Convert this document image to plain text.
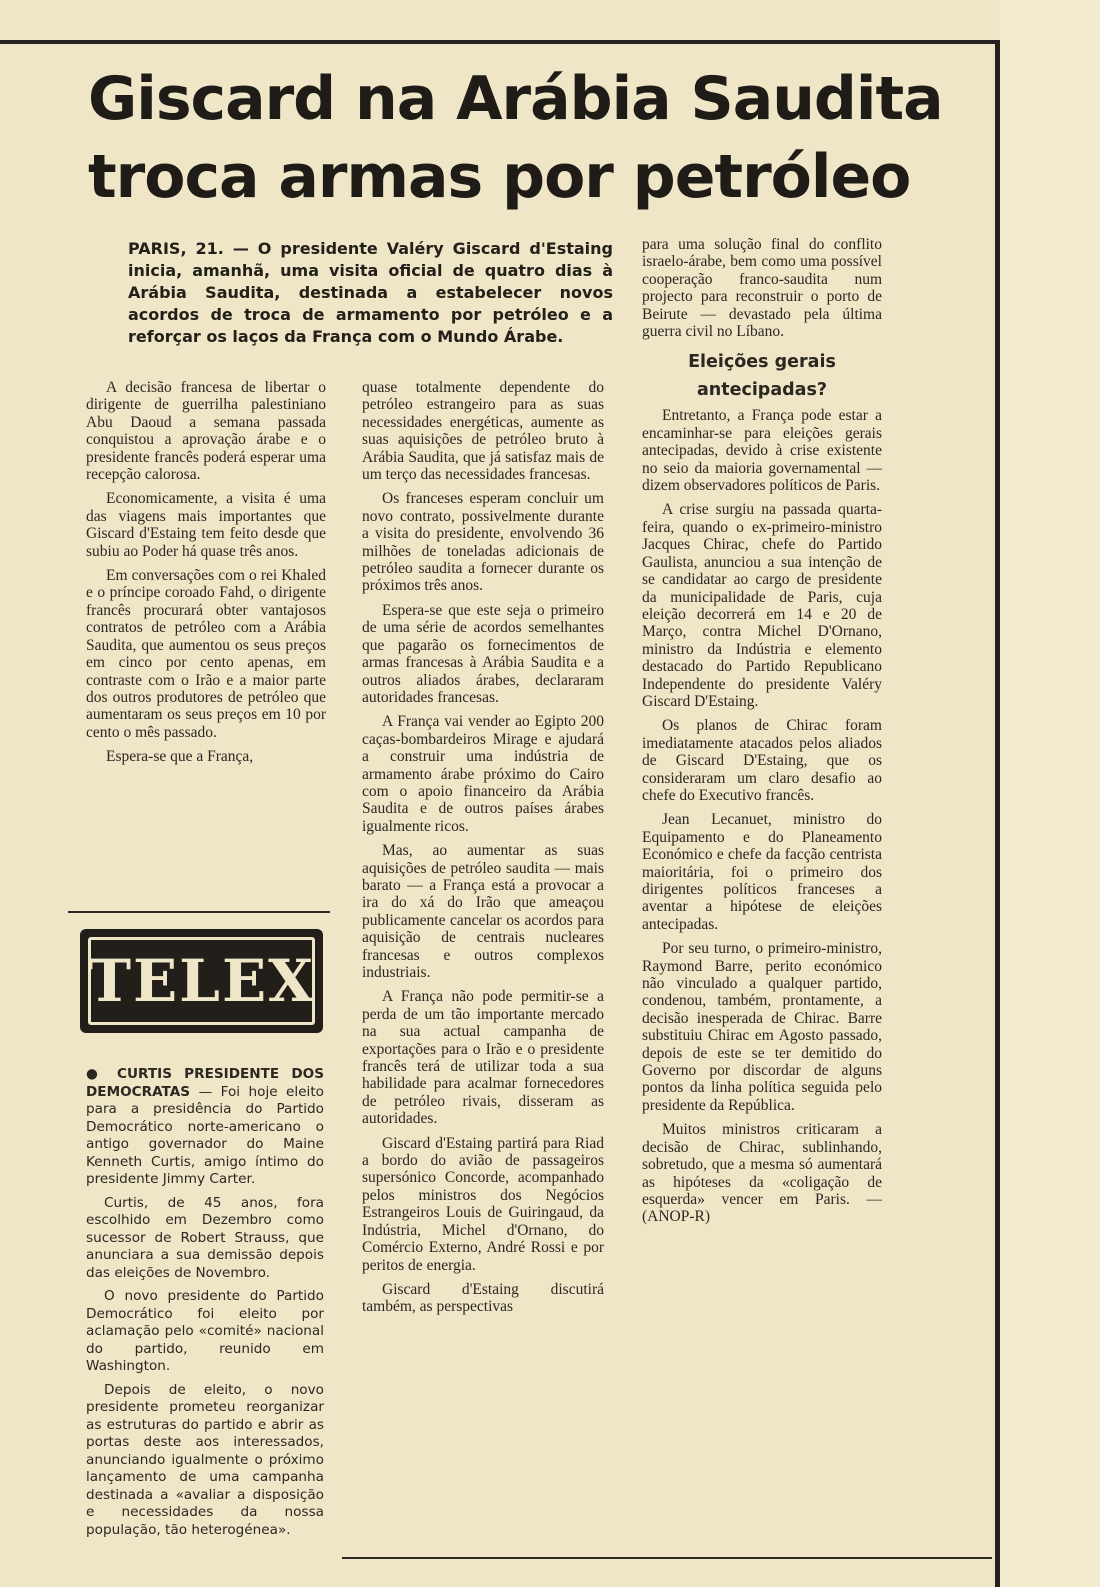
Giscard na Arábia Saudita
troca armas por petróleo

PARIS, 21. — O presidente Valéry Giscard d'Estaing inicia, amanhã, uma visita oficial de quatro dias à Arábia Saudita, destinada a estabelecer novos acordos de troca de armamento por petróleo e a reforçar os laços da França com o Mundo Árabe.

A decisão francesa de libertar o dirigente de guerrilha palestiniano Abu Daoud a semana passada conquistou a aprovação árabe e o presidente francês poderá esperar uma recepção calorosa.

Economicamente, a visita é uma das viagens mais importantes que Giscard d'Estaing tem feito desde que subiu ao Poder há quase três anos.

Em conversações com o rei Khaled e o príncipe coroado Fahd, o dirigente francês procurará obter vantajosos contratos de petróleo com a Arábia Saudita, que aumentou os seus preços em cinco por cento apenas, em contraste com o Irão e a maior parte dos outros produtores de petróleo que aumentaram os seus preços em 10 por cento o mês passado.

Espera-se que a França,

quase totalmente dependente do petróleo estrangeiro para as suas necessidades energéticas, aumente as suas aquisições de petróleo bruto à Arábia Saudita, que já satisfaz mais de um terço das necessidades francesas.

Os franceses esperam concluir um novo contrato, possivelmente durante a visita do presidente, envolvendo 36 milhões de toneladas adicionais de petróleo saudita a fornecer durante os próximos três anos.

Espera-se que este seja o primeiro de uma série de acordos semelhantes que pagarão os fornecimentos de armas francesas à Arábia Saudita e a outros aliados árabes, declararam autoridades francesas.

A França vai vender ao Egipto 200 caças-bombardeiros Mirage e ajudará a construir uma indústria de armamento árabe próximo do Cairo com o apoio financeiro da Arábia Saudita e de outros países árabes igualmente ricos.

Mas, ao aumentar as suas aquisições de petróleo saudita — mais barato — a França está a provocar a ira do xá do Irão que ameaçou publicamente cancelar os acordos para aquisição de centrais nucleares francesas e outros complexos industriais.

A França não pode permitir-se a perda de um tão importante mercado na sua actual campanha de exportações para o Irão e o presidente francês terá de utilizar toda a sua habilidade para acalmar fornecedores de petróleo rivais, disseram as autoridades.

Giscard d'Estaing partirá para Riad a bordo do avião de passageiros supersónico Concorde, acompanhado pelos ministros dos Negócios Estrangeiros Louis de Guiringaud, da Indústria, Michel d'Ornano, do Comércio Externo, André Rossi e por peritos de energia.

Giscard d'Estaing discutirá também, as perspectivas

para uma solução final do conflito israelo-árabe, bem como uma possível cooperação franco-saudita num projecto para reconstruir o porto de Beirute — devastado pela última guerra civil no Líbano.

Eleições gerais antecipadas?

Entretanto, a França pode estar a encaminhar-se para eleições gerais antecipadas, devido à crise existente no seio da maioria governamental — dizem observadores políticos de Paris.

A crise surgiu na passada quarta-feira, quando o ex-primeiro-ministro Jacques Chirac, chefe do Partido Gaulista, anunciou a sua intenção de se candidatar ao cargo de presidente da municipalidade de Paris, cuja eleição decorrerá em 14 e 20 de Março, contra Michel D'Ornano, ministro da Indústria e elemento destacado do Partido Republicano Independente do presidente Valéry Giscard D'Estaing.

Os planos de Chirac foram imediatamente atacados pelos aliados de Giscard D'Estaing, que os consideraram um claro desafio ao chefe do Executivo francês.

Jean Lecanuet, ministro do Equipamento e do Planeamento Económico e chefe da facção centrista maioritária, foi o primeiro dos dirigentes políticos franceses a aventar a hipótese de eleições antecipadas.

Por seu turno, o primeiro-ministro, Raymond Barre, perito económico não vinculado a qualquer partido, condenou, também, prontamente, a decisão inesperada de Chirac. Barre substituiu Chirac em Agosto passado, depois de este se ter demitido do Governo por discordar de alguns pontos da linha política seguida pelo presidente da República.

Muitos ministros criticaram a decisão de Chirac, sublinhando, sobretudo, que a mesma só aumentará as hipóteses da «coligação de esquerda» vencer em Paris. — (ANOP-R)

TELEX

● CURTIS PRESIDENTE DOS DEMOCRATAS — Foi hoje eleito para a presidência do Partido Democrático norte-americano o antigo governador do Maine Kenneth Curtis, amigo íntimo do presidente Jimmy Carter.

Curtis, de 45 anos, fora escolhido em Dezembro como sucessor de Robert Strauss, que anunciara a sua demissão depois das eleições de Novembro.

O novo presidente do Partido Democrático foi eleito por aclamação pelo «comité» nacional do partido, reunido em Washington.

Depois de eleito, o novo presidente prometeu reorganizar as estruturas do partido e abrir as portas deste aos interessados, anunciando igualmente o próximo lançamento de uma campanha destinada a «avaliar a disposição e necessidades da nossa população, tão heterogénea».
